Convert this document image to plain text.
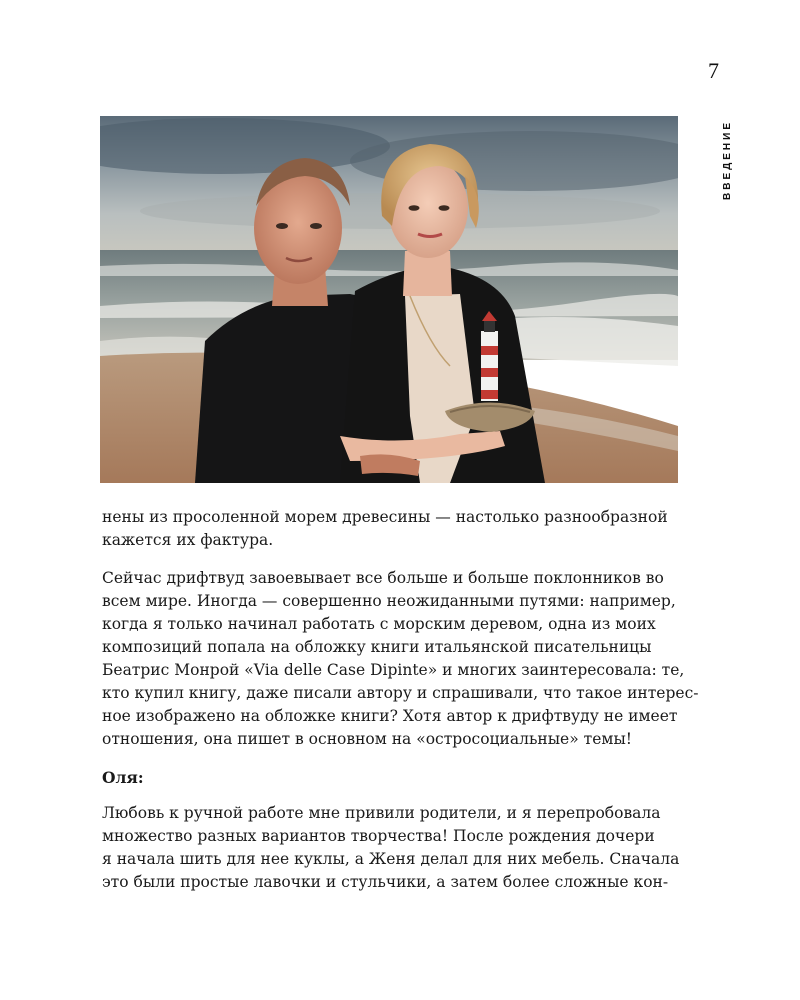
7
ВВЕДЕНИЕ

нены из просоленной морем древесины — настолько разнообразной
кажется их фактура.

Сейчас дрифтвуд завоевывает все больше и больше поклонников во
всем мире. Иногда — совершенно неожиданными путями: например,
когда я только начинал работать с морским деревом, одна из моих
композиций попала на обложку книги итальянской писательницы
Беатрис Монрой «Via delle Case Dipinte» и многих заинтересовала: те,
кто купил книгу, даже писали автору и спрашивали, что такое интерес-
ное изображено на обложке книги? Хотя автор к дрифтвуду не имеет
отношения, она пишет в основном на «остросоциальные» темы!

Оля:

Любовь к ручной работе мне привили родители, и я перепробовала
множество разных вариантов творчества! После рождения дочери
я начала шить для нее куклы, а Женя делал для них мебель. Сначала
это были простые лавочки и стульчики, а затем более сложные кон-
